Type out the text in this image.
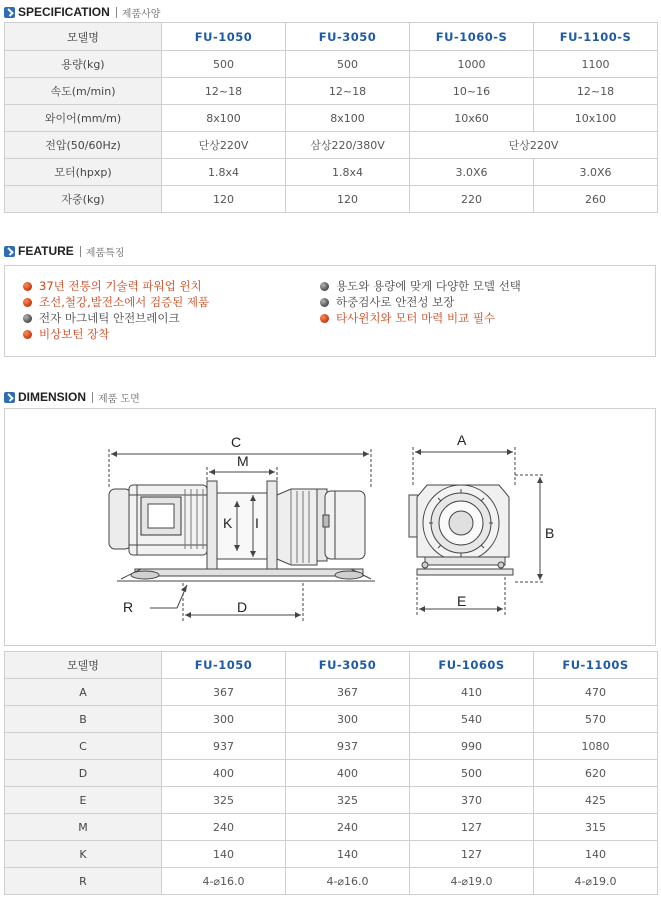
SPECIFICATION 제품사양
모델명	FU-1050	FU-3050	FU-1060-S	FU-1100-S
용량(kg)	500	500	1000	1100
속도(m/min)	12~18	12~18	10~16	12~18
와이어(mm/m)	8x100	8x100	10x60	10x100
전압(50/60Hz)	단상220V	삼상220/380V	단상220V	
모터(hpxp)	1.8x4	1.8x4	3.0X6	3.0X6
자중(kg)	120	120	220	260
FEATURE 제품특징
37년 전통의 기술력 파워업 윈치
조선,철강,발전소에서 검증된 제품
전자 마그네틱 안전브레이크
비상보턴 장착
용도와 용량에 맞게 다양한 모델 선택
하중검사로 안전성 보장
타사윈치와 모터 마력 비교 필수
DIMENSION 제품 도면
C
M
K I
R	D
A
B
E
모델명	FU-1050	FU-3050	FU-1060S	FU-1100S
A	367	367	410	470
B	300	300	540	570
C	937	937	990	1080
D	400	400	500	620
E	325	325	370	425
M	240	240	127	315
K	140	140	127	140
R	4-⌀16.0	4-⌀16.0	4-⌀19.0	4-⌀19.0
